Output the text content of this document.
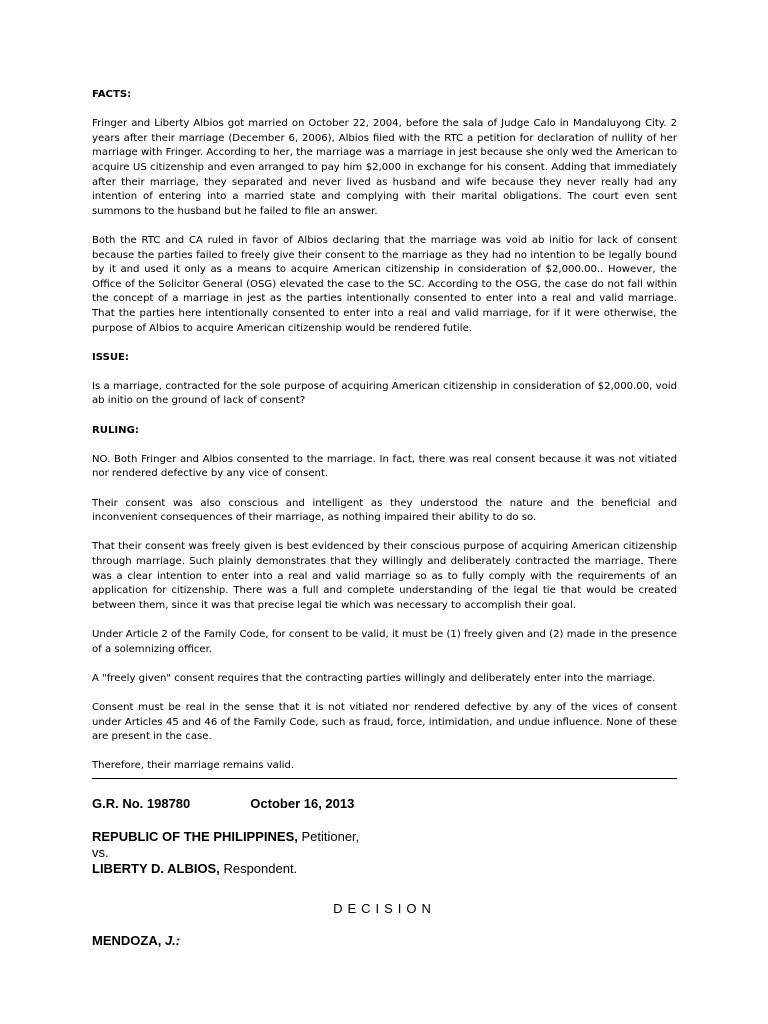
FACTS:

Fringer and Liberty Albios got married on October 22, 2004, before the sala of Judge Calo in Mandaluyong City. 2 years after their marriage (December 6, 2006), Albios filed with the RTC a petition for declaration of nullity of her marriage with Fringer. According to her, the marriage was a marriage in jest because she only wed the American to acquire US citizenship and even arranged to pay him $2,000 in exchange for his consent. Adding that immediately after their marriage, they separated and never lived as husband and wife because they never really had any intention of entering into a married state and complying with their marital obligations. The court even sent summons to the husband but he failed to file an answer.

Both the RTC and CA ruled in favor of Albios declaring that the marriage was void ab initio for lack of consent because the parties failed to freely give their consent to the marriage as they had no intention to be legally bound by it and used it only as a means to acquire American citizenship in consideration of $2,000.00.. However, the Office of the Solicitor General (OSG) elevated the case to the SC. According to the OSG, the case do not fall within the concept of a marriage in jest as the parties intentionally consented to enter into a real and valid marriage. That the parties here intentionally consented to enter into a real and valid marriage, for if it were otherwise, the purpose of Albios to acquire American citizenship would be rendered futile.

ISSUE:

Is a marriage, contracted for the sole purpose of acquiring American citizenship in consideration of $2,000.00, void ab initio on the ground of lack of consent?

RULING:

NO. Both Fringer and Albios consented to the marriage. In fact, there was real consent because it was not vitiated nor rendered defective by any vice of consent.

Their consent was also conscious and intelligent as they understood the nature and the beneficial and inconvenient consequences of their marriage, as nothing impaired their ability to do so.

That their consent was freely given is best evidenced by their conscious purpose of acquiring American citizenship through marriage. Such plainly demonstrates that they willingly and deliberately contracted the marriage. There was a clear intention to enter into a real and valid marriage so as to fully comply with the requirements of an application for citizenship. There was a full and complete understanding of the legal tie that would be created between them, since it was that precise legal tie which was necessary to accomplish their goal.

Under Article 2 of the Family Code, for consent to be valid, it must be (1) freely given and (2) made in the presence of a solemnizing officer.

A "freely given" consent requires that the contracting parties willingly and deliberately enter into the marriage.

Consent must be real in the sense that it is not vitiated nor rendered defective by any of the vices of consent under Articles 45 and 46 of the Family Code, such as fraud, force, intimidation, and undue influence. None of these are present in the case.

Therefore, their marriage remains valid.

G.R. No. 198780	October 16, 2013
REPUBLIC OF THE PHILIPPINES, Petitioner,
vs.
LIBERTY D. ALBIOS, Respondent.
DECISION
MENDOZA, J.:
